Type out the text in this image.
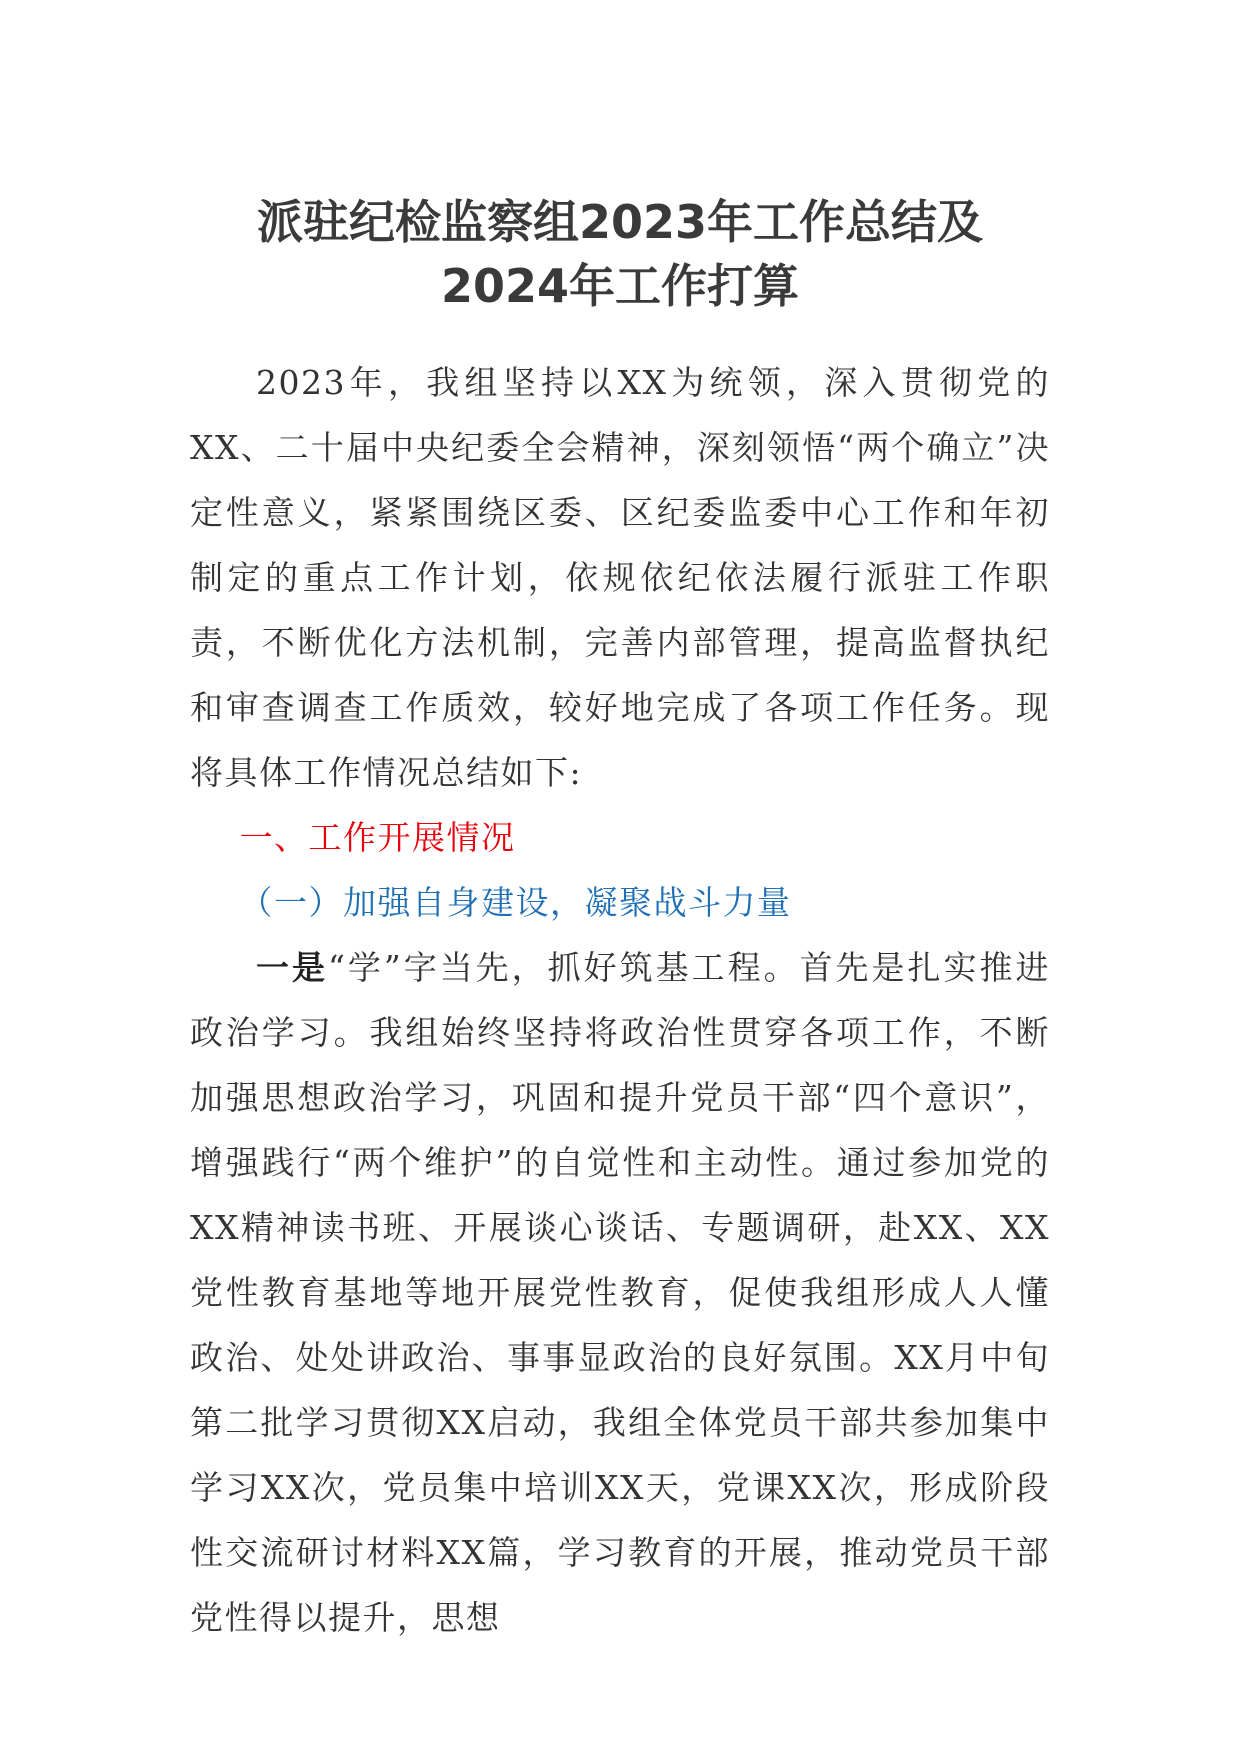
派驻纪检监察组2023年工作总结及
2024年工作打算

2023年，我组坚持以XX为统领，深入贯彻党的XX、二十届中央纪委全会精神，深刻领悟“两个确立”决定性意义，紧紧围绕区委、区纪委监委中心工作和年初制定的重点工作计划，依规依纪依法履行派驻工作职责，不断优化方法机制，完善内部管理，提高监督执纪和审查调查工作质效，较好地完成了各项工作任务。现将具体工作情况总结如下:

一、工作开展情况

（一）加强自身建设，凝聚战斗力量

一是“学”字当先，抓好筑基工程。首先是扎实推进政治学习。我组始终坚持将政治性贯穿各项工作，不断加强思想政治学习，巩固和提升党员干部“四个意识”，增强践行“两个维护”的自觉性和主动性。通过参加党的XX精神读书班、开展谈心谈话、专题调研，赴XX、XX党性教育基地等地开展党性教育，促使我组形成人人懂政治、处处讲政治、事事显政治的良好氛围。XX月中旬第二批学习贯彻XX启动，我组全体党员干部共参加集中学习XX次，党员集中培训XX天，党课XX次，形成阶段性交流研讨材料XX篇，学习教育的开展，推动党员干部党性得以提升，思想
